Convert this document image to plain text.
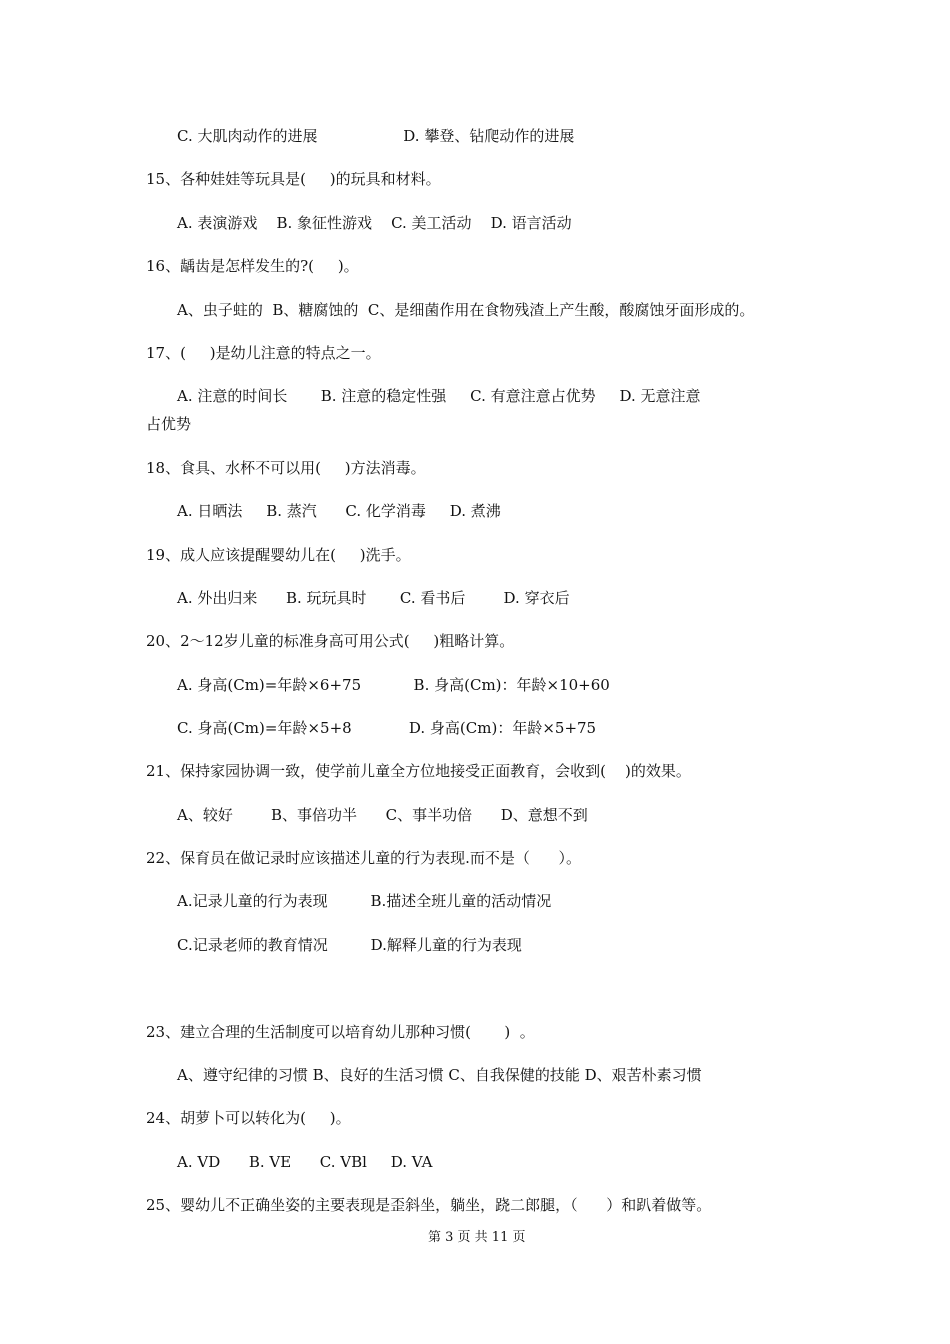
C. 大肌肉动作的进展                  D. 攀登、钻爬动作的进展
15、各种娃娃等玩具是(     )的玩具和材料。
A. 表演游戏    B. 象征性游戏    C. 美工活动    D. 语言活动
16、龋齿是怎样发生的?(     )。
A、虫子蛀的  B、糖腐蚀的  C、是细菌作用在食物残渣上产生酸，酸腐蚀牙面形成的。
17、(     )是幼儿注意的特点之一。
A. 注意的时间长       B. 注意的稳定性强     C. 有意注意占优势     D. 无意注意
占优势
18、食具、水杯不可以用(     )方法消毒。
A. 日晒法     B. 蒸汽      C. 化学消毒     D. 煮沸
19、成人应该提醒婴幼儿在(     )洗手。
A. 外出归来      B. 玩玩具时       C. 看书后        D. 穿衣后
20、2～12岁儿童的标准身高可用公式(     )粗略计算。
A. 身高(Cm)=年龄×6+75           B. 身高(Cm)：年龄×10+60
C. 身高(Cm)=年龄×5+8            D. 身高(Cm)：年龄×5+75
21、保持家园协调一致，使学前儿童全方位地接受正面教育，会收到(    )的效果。
A、较好        B、事倍功半      C、事半功倍      D、意想不到
22、保育员在做记录时应该描述儿童的行为表现.而不是（      ）。
A.记录儿童的行为表现         B.描述全班儿童的活动情况
C.记录老师的教育情况         D.解释儿童的行为表现
23、建立合理的生活制度可以培育幼儿那种习惯(       )  。
A、遵守纪律的习惯 B、良好的生活习惯 C、自我保健的技能 D、艰苦朴素习惯
24、胡萝卜可以转化为(     )。
A. VD      B. VE      C. VBl     D. VA
25、婴幼儿不正确坐姿的主要表现是歪斜坐，躺坐，跷二郎腿，（      ）和趴着做等。
第 3 页 共 11 页
